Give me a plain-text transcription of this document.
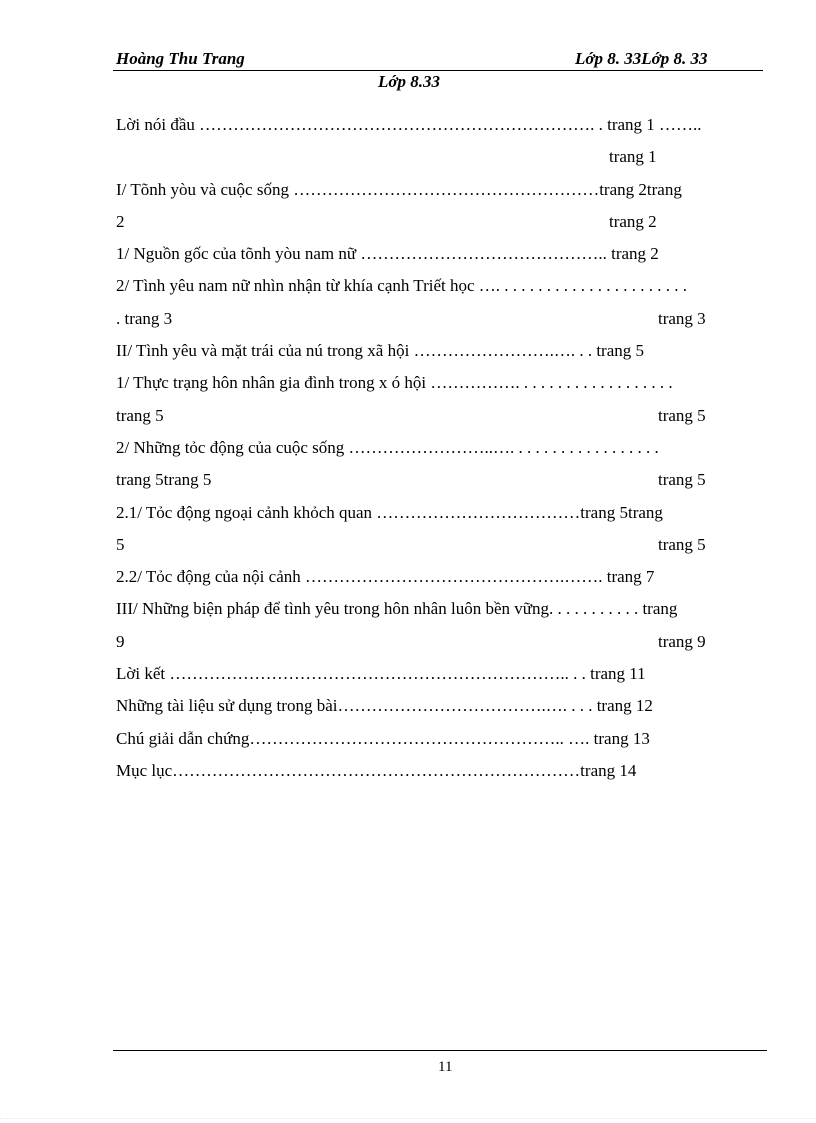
Hoàng Thu Trang	Lớp 8. 33Lớp 8. 33
Lớp 8.33
Lời nói đầu ……………………………………………………………. . trang 1 ……..
trang 1
I/ Tõnh yòu và cuộc sống ………………………………………………trang 2trang
2	trang 2
1/ Nguồn gốc của tõnh yòu nam nữ …………………………………….. trang 2
2/ Tình yêu nam nữ nhìn nhận từ khía cạnh Triết học …. . . . . . . . . . . . . . . . . . . . . . .
. trang 3	trang 3
II/ Tình yêu và mặt trái của nú trong xã hội …………………….…. . . trang 5
1/ Thực trạng hôn nhân gia đình trong x ó hội ……………. . . . . . . . . . . . . . . . . . .
trang 5	trang 5
2/ Những tỏc động của cuộc sống ……………………..…. . . . . . . . . . . . . . . . . .
trang 5trang 5	trang 5
2.1/ Tỏc động ngoại cảnh khỏch quan ………………………………trang 5trang
5	trang 5
2.2/ Tỏc động của nội cảnh ……………………………………….……. trang 7
III/ Những biện pháp để tình yêu trong hôn nhân luôn bền vững. . . . . . . . . . . trang
9	trang 9
Lời kết …………………………………………………………….. . . trang 11
Những tài liệu sử dụng trong bài……………………………….…. . . . trang 12
Chú giải dẫn chứng……………………………………………….. …. trang 13
Mục lục………………………………………………………………trang 14
11
